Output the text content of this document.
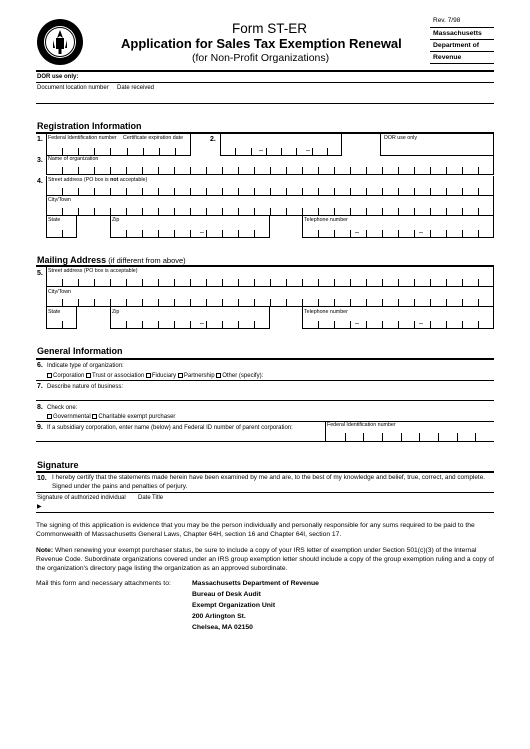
Form ST-ER
Application for Sales Tax Exemption Renewal
(for Non-Profit Organizations)
Rev. 7/98
Massachusetts
Department of
Revenue
DOR use only:
Document location number Date received
Registration Information
1. Federal Identification number Certificate expiration date	2.
–	–
DOR use only
3. Name of organization
4. Street address (PO box is not acceptable)
City/Town
State	Zip
–
Telephone number
–	–
Mailing Address (if different from above)
5. Street address (PO box is acceptable)
City/Town
State	Zip
–
Telephone number
–	–
General Information
6. Indicate type of organization:
Corporation Trust or association Fiduciary Partnership Other (specify):
7. Describe nature of business:
8. Check one:
Governmental Charitable exempt purchaser
9. If a subsidiary corporation, enter name (below) and Federal ID number of parent corporation:	Federal Identification number
Signature
10. I hereby certify that the statements made herein have been examined by me and are, to the best of my knowledge and belief, true, correct, and complete. Signed under the pains and penalties of perjury.
Signature of authorized individual Date Title
▶
The signing of this application is evidence that you may be the person individually and personally responsible for any sums required to be paid to the Commonwealth of Massachusetts General Laws, Chapter 64H, section 16 and Chapter 64I, section 17.
Note: When renewing your exempt purchaser status, be sure to include a copy of your IRS letter of exemption under Section 501(c)(3) of the Internal Revenue Code. Subordinate organizations covered under an IRS group exemption letter should include a copy of the group exemption ruling and a copy of the organization's directory page listing the organization as an approved subordinate.
Mail this form and necessary attachments to:	Massachusetts Department of Revenue
Bureau of Desk Audit
Exempt Organization Unit
200 Arlington St.
Chelsea, MA 02150
